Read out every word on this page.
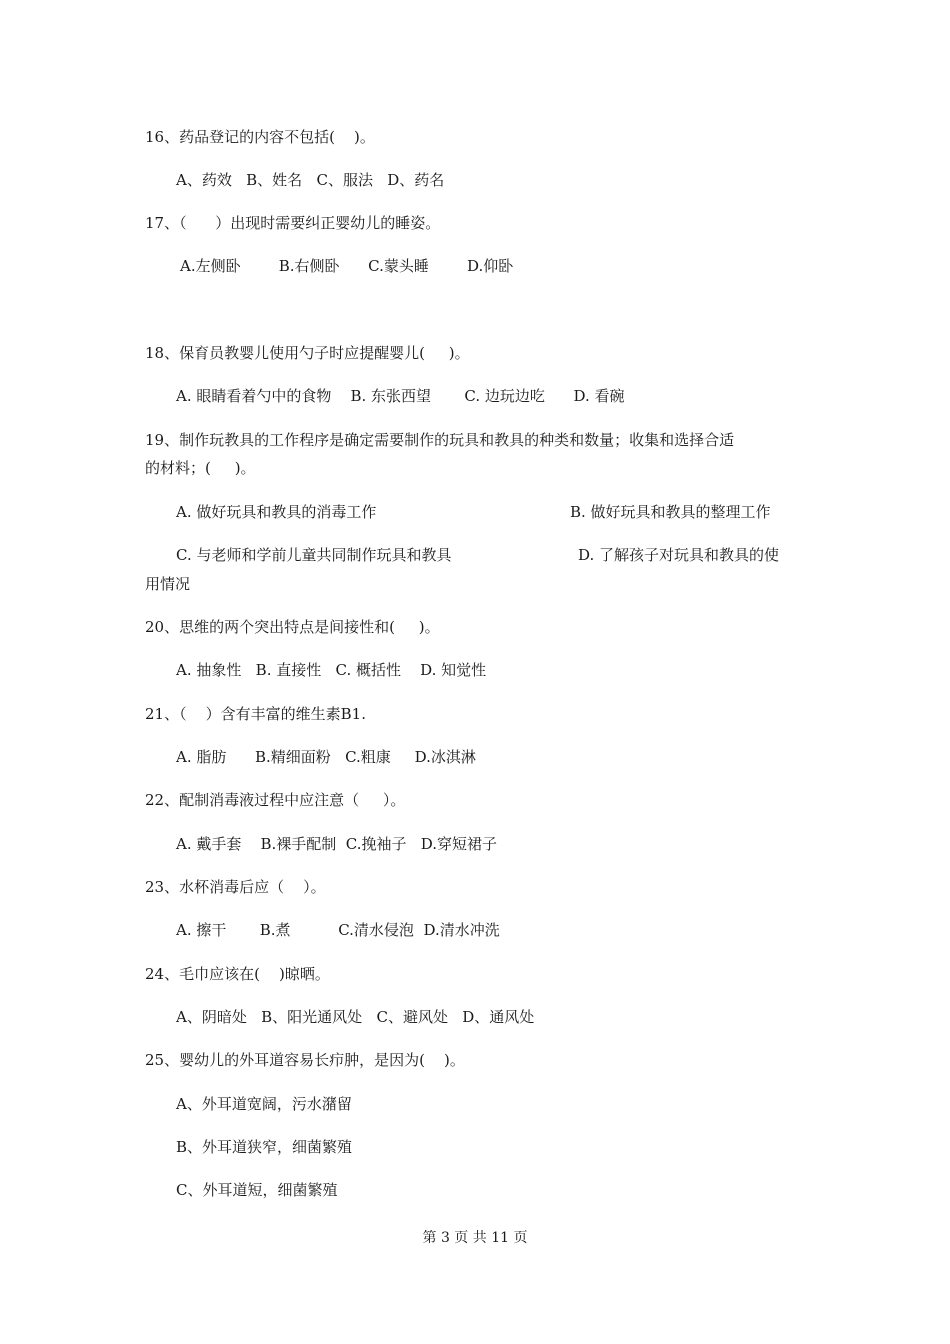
16、药品登记的内容不包括(    )。
A、药效   B、姓名   C、服法   D、药名
17、（      ）出现时需要纠正婴幼儿的睡姿。
A.左侧卧        B.右侧卧      C.蒙头睡        D.仰卧
18、保育员教婴儿使用勺子时应提醒婴儿(     )。
A. 眼睛看着勺中的食物    B. 东张西望       C. 边玩边吃      D. 看碗
19、制作玩教具的工作程序是确定需要制作的玩具和教具的种类和数量；收集和选择合适
的材料；(     )。
A. 做好玩具和教具的消毒工作	B. 做好玩具和教具的整理工作
C. 与老师和学前儿童共同制作玩具和教具	D. 了解孩子对玩具和教具的使
用情况
20、思维的两个突出特点是间接性和(     )。
A. 抽象性   B. 直接性   C. 概括性    D. 知觉性
21、（    ）含有丰富的维生素B1.
A. 脂肪      B.精细面粉   C.粗康     D.冰淇淋
22、配制消毒液过程中应注意（     ）。
A. 戴手套    B.裸手配制  C.挽袖子   D.穿短裙子
23、水杯消毒后应（    ）。
A. 擦干       B.煮          C.清水侵泡  D.清水冲洗
24、毛巾应该在(    )晾晒。
A、阴暗处   B、阳光通风处   C、避风处   D、通风处
25、婴幼儿的外耳道容易长疖肿，是因为(    )。
A、外耳道宽阔，污水潴留
B、外耳道狭窄，细菌繁殖
C、外耳道短，细菌繁殖
第 3 页 共 11 页
